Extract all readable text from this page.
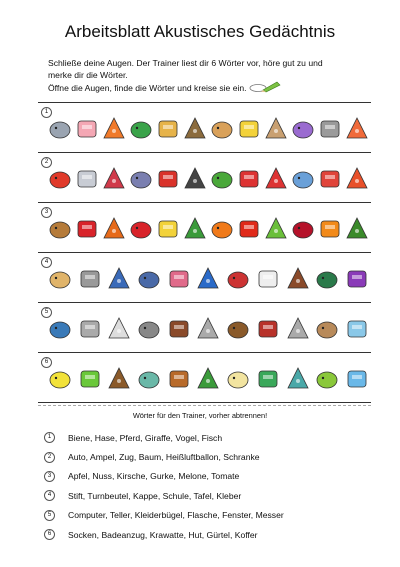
Arbeitsblatt Akustisches Gedächtnis
Schließe deine Augen. Der Trainer liest dir 6 Wörter vor, höre gut zu und
merke dir die Wörter.
Öffne die Augen, finde die Wörter und kreise sie ein.
1
2
3
4
5
6
Wörter für den Trainer, vorher abtrennen!
1	Biene, Hase, Pferd, Giraffe, Vogel, Fisch
2	Auto, Ampel, Zug, Baum, Heißluftballon, Schranke
3	Apfel, Nuss, Kirsche, Gurke, Melone, Tomate
4	Stift, Turnbeutel, Kappe, Schule, Tafel, Kleber
5	Computer, Teller, Kleiderbügel, Flasche, Fenster, Messer
6	Socken, Badeanzug, Krawatte, Hut, Gürtel, Koffer
